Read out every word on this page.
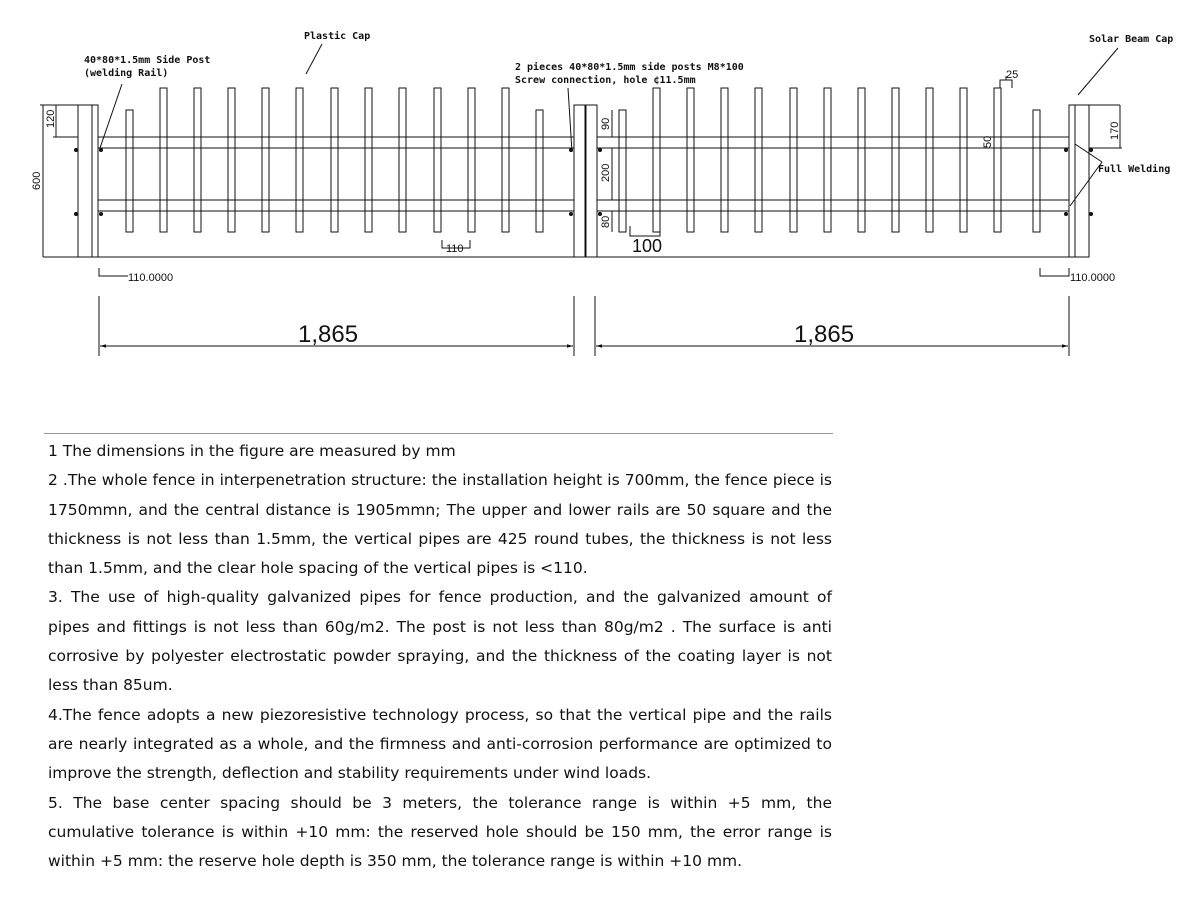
40*80*1.5mm Side Post
(welding Rail)
Plastic Cap
2 pieces 40*80*1.5mm side posts M8*100
Screw connection, hole ¢11.5mm
Solar Beam Cap
Full Welding
600
120	90
200
80
110	100
25
50
170
110.0000	110.0000
1,865	1,865

1 The dimensions in the figure are measured by mm

2 .The whole fence in interpenetration structure: the installation height is 700mm, the fence piece is 1750mmn, and the central distance is 1905mmn; The upper and lower rails are 50 square and the thickness is not less than 1.5mm, the vertical pipes are 425 round tubes, the thickness is not less than 1.5mm, and the clear hole spacing of the vertical pipes is <110.

3. The use of high-quality galvanized pipes for fence production, and the galvanized amount of pipes and fittings is not less than 60g/m2. The post is not less than 80g/m2 . The surface is anti corrosive by polyester electrostatic powder spraying, and the thickness of the coating layer is not less than 85um.

4.The fence adopts a new piezoresistive technology process, so that the vertical pipe and the rails are nearly integrated as a whole, and the firmness and anti-corrosion performance are optimized to improve the strength, deflection and stability requirements under wind loads.

5. The base center spacing should be 3 meters, the tolerance range is within +5 mm, the cumulative tolerance is within +10 mm: the reserved hole should be 150 mm, the error range is within +5 mm: the reserve hole depth is 350 mm, the tolerance range is within +10 mm.
